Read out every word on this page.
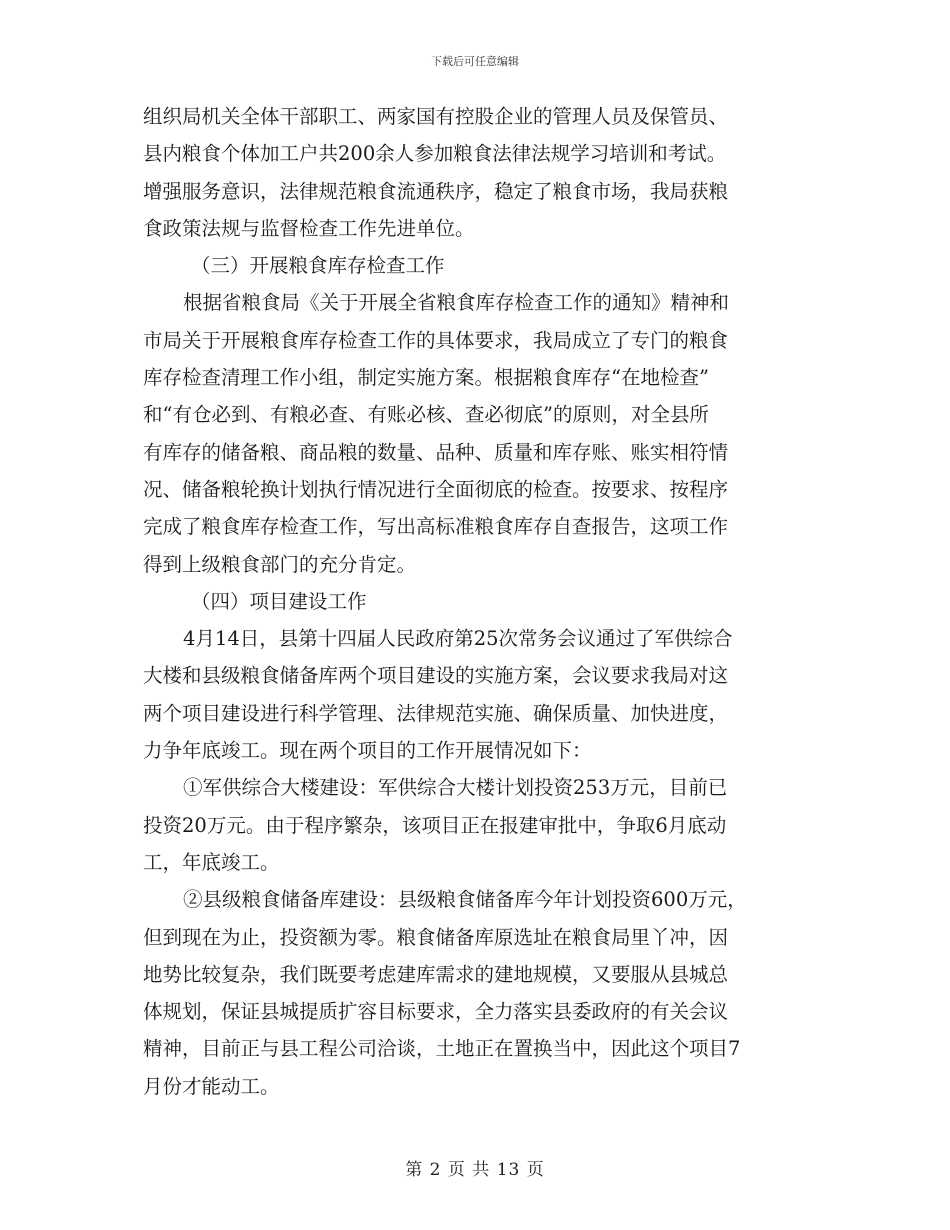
下载后可任意编辑
组织局机关全体干部职工、两家国有控股企业的管理人员及保管员、
县内粮食个体加工户共200余人参加粮食法律法规学习培训和考试。
增强服务意识，法律规范粮食流通秩序，稳定了粮食市场，我局获粮
食政策法规与监督检查工作先进单位。
（三）开展粮食库存检查工作
根据省粮食局《关于开展全省粮食库存检查工作的通知》精神和
市局关于开展粮食库存检查工作的具体要求，我局成立了专门的粮食
库存检查清理工作小组，制定实施方案。根据粮食库存“在地检查”
和“有仓必到、有粮必查、有账必核、查必彻底”的原则，对全县所
有库存的储备粮、商品粮的数量、品种、质量和库存账、账实相符情
况、储备粮轮换计划执行情况进行全面彻底的检查。按要求、按程序
完成了粮食库存检查工作，写出高标准粮食库存自查报告，这项工作
得到上级粮食部门的充分肯定。
（四）项目建设工作
4月14日，县第十四届人民政府第25次常务会议通过了军供综合
大楼和县级粮食储备库两个项目建设的实施方案，会议要求我局对这
两个项目建设进行科学管理、法律规范实施、确保质量、加快进度，
力争年底竣工。现在两个项目的工作开展情况如下：
①军供综合大楼建设：军供综合大楼计划投资253万元，目前已
投资20万元。由于程序繁杂，该项目正在报建审批中，争取6月底动
工，年底竣工。
②县级粮食储备库建设：县级粮食储备库今年计划投资600万元，
但到现在为止，投资额为零。粮食储备库原选址在粮食局里丫冲，因
地势比较复杂，我们既要考虑建库需求的建地规模，又要服从县城总
体规划，保证县城提质扩容目标要求，全力落实县委政府的有关会议
精神，目前正与县工程公司洽谈，土地正在置换当中，因此这个项目7
月份才能动工。
第 2 页 共 13 页
